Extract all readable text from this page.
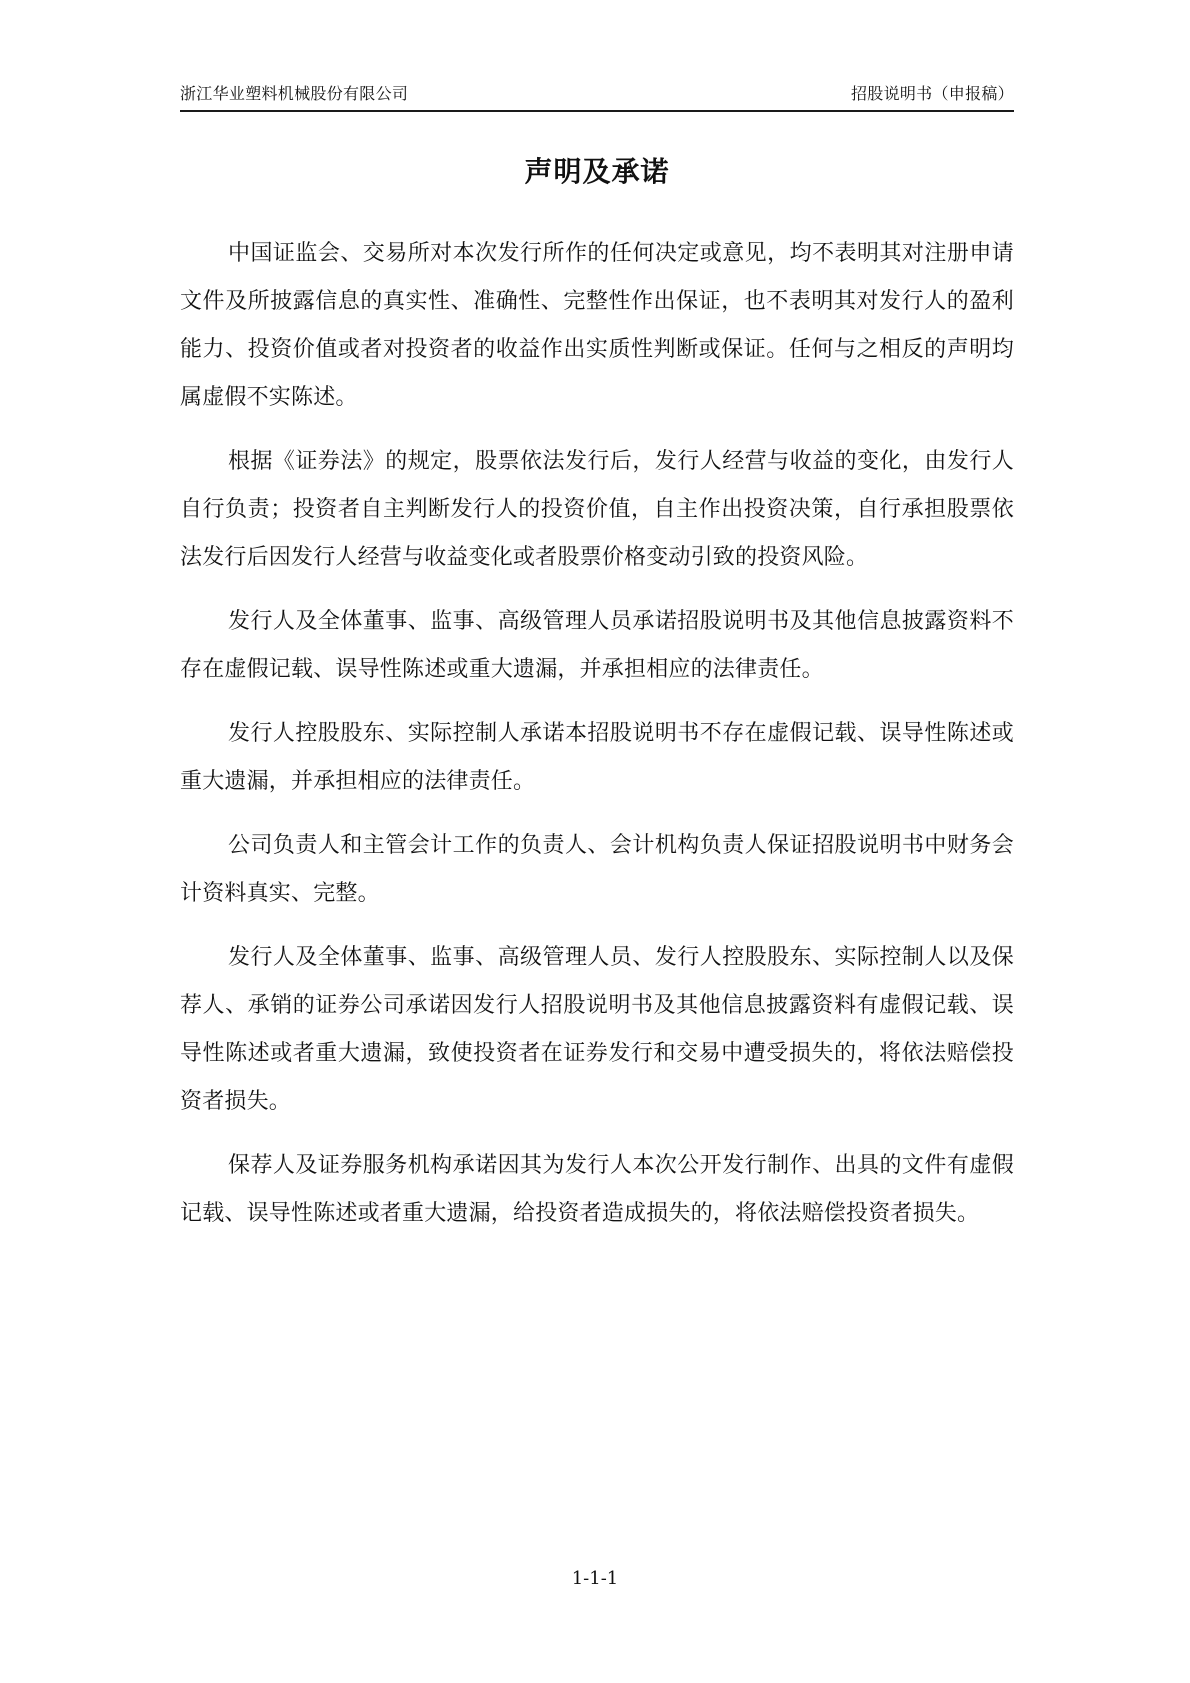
浙江华业塑料机械股份有限公司	招股说明书（申报稿）
声明及承诺

中国证监会、交易所对本次发行所作的任何决定或意见，均不表明其对注册申请文件及所披露信息的真实性、准确性、完整性作出保证，也不表明其对发行人的盈利能力、投资价值或者对投资者的收益作出实质性判断或保证。任何与之相反的声明均属虚假不实陈述。

根据《证券法》的规定，股票依法发行后，发行人经营与收益的变化，由发行人自行负责；投资者自主判断发行人的投资价值，自主作出投资决策，自行承担股票依法发行后因发行人经营与收益变化或者股票价格变动引致的投资风险。

发行人及全体董事、监事、高级管理人员承诺招股说明书及其他信息披露资料不存在虚假记载、误导性陈述或重大遗漏，并承担相应的法律责任。

发行人控股股东、实际控制人承诺本招股说明书不存在虚假记载、误导性陈述或重大遗漏，并承担相应的法律责任。

公司负责人和主管会计工作的负责人、会计机构负责人保证招股说明书中财务会计资料真实、完整。

发行人及全体董事、监事、高级管理人员、发行人控股股东、实际控制人以及保荐人、承销的证券公司承诺因发行人招股说明书及其他信息披露资料有虚假记载、误导性陈述或者重大遗漏，致使投资者在证券发行和交易中遭受损失的，将依法赔偿投资者损失。

保荐人及证券服务机构承诺因其为发行人本次公开发行制作、出具的文件有虚假记载、误导性陈述或者重大遗漏，给投资者造成损失的，将依法赔偿投资者损失。

1-1-1
